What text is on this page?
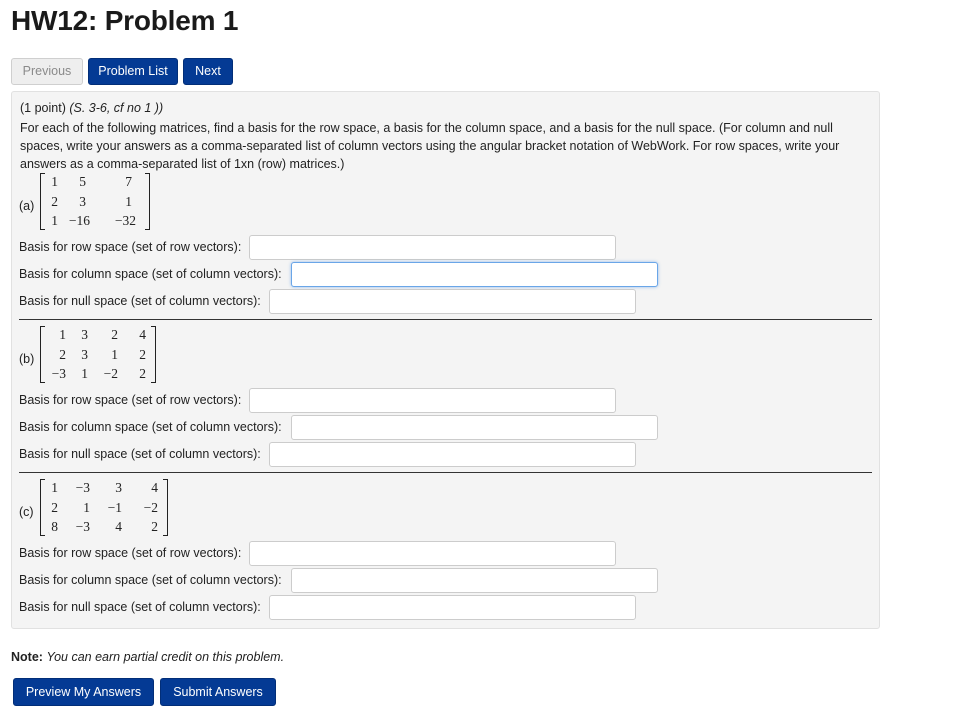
HW12: Problem 1
Previous	Problem List	Next
(1 point) (S. 3-6, cf no 1 ))

For each of the following matrices, find a basis for the row space, a basis for the column space, and a basis for the null space. (For column and null spaces, write your answers as a comma-separated list of column vectors using the angular bracket notation of WebWork. For row spaces, write your answers as a comma-separated list of 1xn (row) matrices.)

(a)
1	5	7
2	3	1
1 −16	−32
Basis for row space (set of row vectors):
Basis for column space (set of column vectors):
Basis for null space (set of column vectors):
(b)
1	3	2	4
2	3	1	2
−3	1	−2	2
Basis for row space (set of row vectors):
Basis for column space (set of column vectors):
Basis for null space (set of column vectors):
(c)
1	−3	3	4
2	1	−1	−2
8	−3	4	2
Basis for row space (set of row vectors):
Basis for column space (set of column vectors):
Basis for null space (set of column vectors):
Note: You can earn partial credit on this problem.
Preview My Answers	Submit Answers
